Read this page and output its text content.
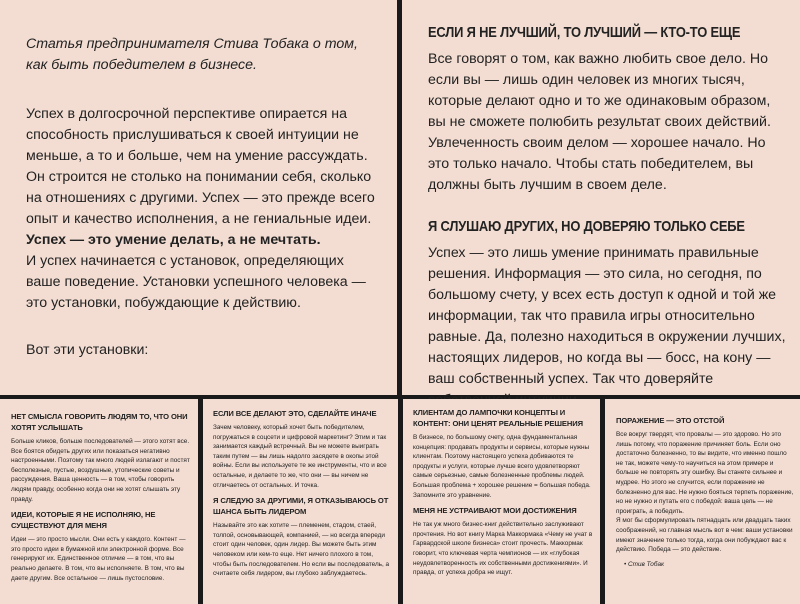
Статья предпринимателя Стива Тобака о том, как быть победителем в бизнесе.

Успех в долгосрочной перспективе опирается на способность прислушиваться к своей интуиции не меньше, а то и больше, чем на умение рассуждать. Он строится не столько на понимании себя, сколько на отношениях с другими. Успех — это прежде всего опыт и качество исполнения, а не гениальные идеи. Успех — это умение делать, а не мечтать.

И успех начинается с установок, определяющих ваше поведение. Установки успешного человека — это установки, побуждающие к действию.

Вот эти установки:

ЕСЛИ Я НЕ ЛУЧШИЙ, ТО ЛУЧШИЙ — КТО-ТО ЕЩЕ

Все говорят о том, как важно любить свое дело. Но если вы — лишь один человек из многих тысяч, которые делают одно и то же одинаковым образом, вы не сможете полюбить результат своих действий. Увлеченность своим делом — хорошее начало. Но это только начало. Чтобы стать победителем, вы должны быть лучшим в своем деле.

Я СЛУШАЮ ДРУГИХ, НО ДОВЕРЯЮ ТОЛЬКО СЕБЕ

Успех — это лишь умение принимать правильные решения. Информация — это сила, но сегодня, по большому счету, у всех есть доступ к одной и той же информации, так что правила игры относительно равные. Да, полезно находиться в окружении лучших, настоящих лидеров, но когда вы — босс, на кону — ваш собственный успех. Так что доверяйте

НЕТ СМЫСЛА ГОВОРИТЬ ЛЮДЯМ ТО, ЧТО ОНИ ХОТЯТ УСЛЫШАТЬ

Больше кликов, больше последователей — этого хотят все. Все боятся обидеть других или показаться негативно настроенными. Поэтому так много людей излагают и постят бесполезные, пустые, воздушные, утопические советы и рассуждения. Ваша ценность — в том, чтобы говорить людям правду, особенно когда они не хотят слышать эту правду.

ИДЕИ, КОТОРЫЕ Я НЕ ИСПОЛНЯЮ, НЕ СУЩЕСТВУЮТ ДЛЯ МЕНЯ

Идеи — это просто мысли. Они есть у каждого. Контент — это просто идеи в бумажной или электронной форме. Все генерируют их. Единственное отличие — в том, что вы реально делаете. В том, что вы исполняете. В том, что вы даете другим. Все остальное — лишь пустословие.

ЕСЛИ ВСЕ ДЕЛАЮТ ЭТО, СДЕЛАЙТЕ ИНАЧЕ

Зачем человеку, который хочет быть победителем, погружаться в соцсети и цифровой маркетинг? Этим и так занимается каждый встречный. Вы не можете выиграть таким путем — вы лишь надолго засядете в окопы этой войны. Если вы используете те же инструменты, что и все остальные, и делаете то же, что они — вы ничем не отличаетесь от остальных. И точка.

Я СЛЕДУЮ ЗА ДРУГИМИ, Я ОТКАЗЫВАЮСЬ ОТ ШАНСА БЫТЬ ЛИДЕРОМ

Называйте это как хотите — племенем, стадом, стаей, толпой, основывающей, компанией, — но всегда впереди стоит один человек, один лидер. Вы можете быть этим человеком или кем-то еще. Нет ничего плохого в том, чтобы быть последователем. Но если вы последователь, а считаете себя лидером, вы глубоко заблуждаетесь.

КЛИЕНТАМ ДО ЛАМПОЧКИ КОНЦЕПТЫ И КОНТЕНТ: ОНИ ЦЕНЯТ РЕАЛЬНЫЕ РЕШЕНИЯ

В бизнесе, по большому счету, одна фундаментальная концепция: продавать продукты и сервисы, которые нужны клиентам. Поэтому настоящего успеха добиваются те продукты и услуги, которые лучше всего удовлетворяют самые серьезные, самые болезненные проблемы людей. Большая проблема + хорошее решение = большая победа. Запомните это уравнение.

МЕНЯ НЕ УСТРАИВАЮТ МОИ ДОСТИЖЕНИЯ

Не так уж много бизнес-книг действительно заслуживают прочтения. Но вот книгу Марка Маккормака «Чему не учат в Гарвардской школе бизнеса» стоит прочесть. Маккормак говорит, что ключевая черта чемпионов — их «глубокая неудовлетворенность их собственными достижениями». И правда, от успеха добра не ищут.

ПОРАЖЕНИЕ — ЭТО ОТСТОЙ

Все вокруг твердят, что провалы — это здорово. Но это лишь потому, что поражение причиняет боль. Если оно достаточно болезненно, то вы видите, что именно пошло не так, можете чему-то научиться на этом примере и больше не повторять эту ошибку. Вы станете сильнее и мудрее. Но этого не случится, если поражение не болезненно для вас. Не нужно бояться терпеть поражение, но не нужно и путать его с победой: ваша цель — не проиграть, а победить.
Я мог бы сформулировать пятнадцать или двадцать таких соображений, но главная мысль вот в чем: ваши установки имеют значение только тогда, когда они побуждают вас к действию. Победа — это действие.

• Стив Тобак
